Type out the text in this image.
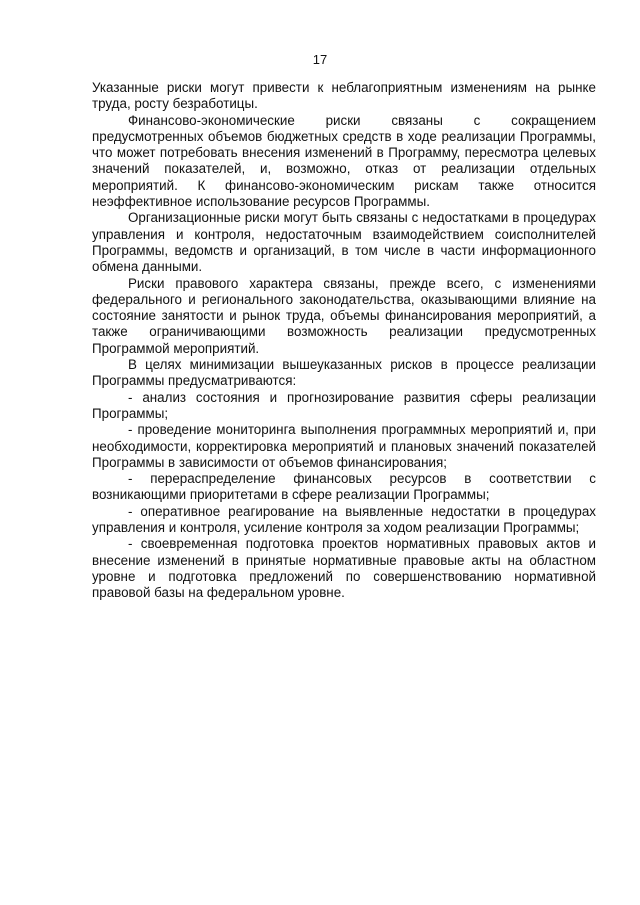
17

Указанные риски могут привести к неблагоприятным изменениям на рынке труда, росту безработицы.

Финансово-экономические риски связаны с сокращением предусмотренных объемов бюджетных средств в ходе реализации Программы, что может потребовать внесения изменений в Программу, пересмотра целевых значений показателей, и, возможно, отказ от реализации отдельных мероприятий. К финансово-экономическим рискам также относится неэффективное использование ресурсов Программы.

Организационные риски могут быть связаны с недостатками в процедурах управления и контроля, недостаточным взаимодействием соисполнителей Программы, ведомств и организаций, в том числе в части информационного обмена данными.

Риски правового характера связаны, прежде всего, с изменениями федерального и регионального законодательства, оказывающими влияние на состояние занятости и рынок труда, объемы финансирования мероприятий, а также ограничивающими возможность реализации предусмотренных Программой мероприятий.

В целях минимизации вышеуказанных рисков в процессе реализации Программы предусматриваются:

- анализ состояния и прогнозирование развития сферы реализации Программы;

- проведение мониторинга выполнения программных мероприятий и, при необходимости, корректировка мероприятий и плановых значений показателей Программы в зависимости от объемов финансирования;

- перераспределение финансовых ресурсов в соответствии с возникающими приоритетами в сфере реализации Программы;

- оперативное реагирование на выявленные недостатки в процедурах управления и контроля, усиление контроля за ходом реализации Программы;

- своевременная подготовка проектов нормативных правовых актов и внесение изменений в принятые нормативные правовые акты на областном уровне и подготовка предложений по совершенствованию нормативной правовой базы на федеральном уровне.
